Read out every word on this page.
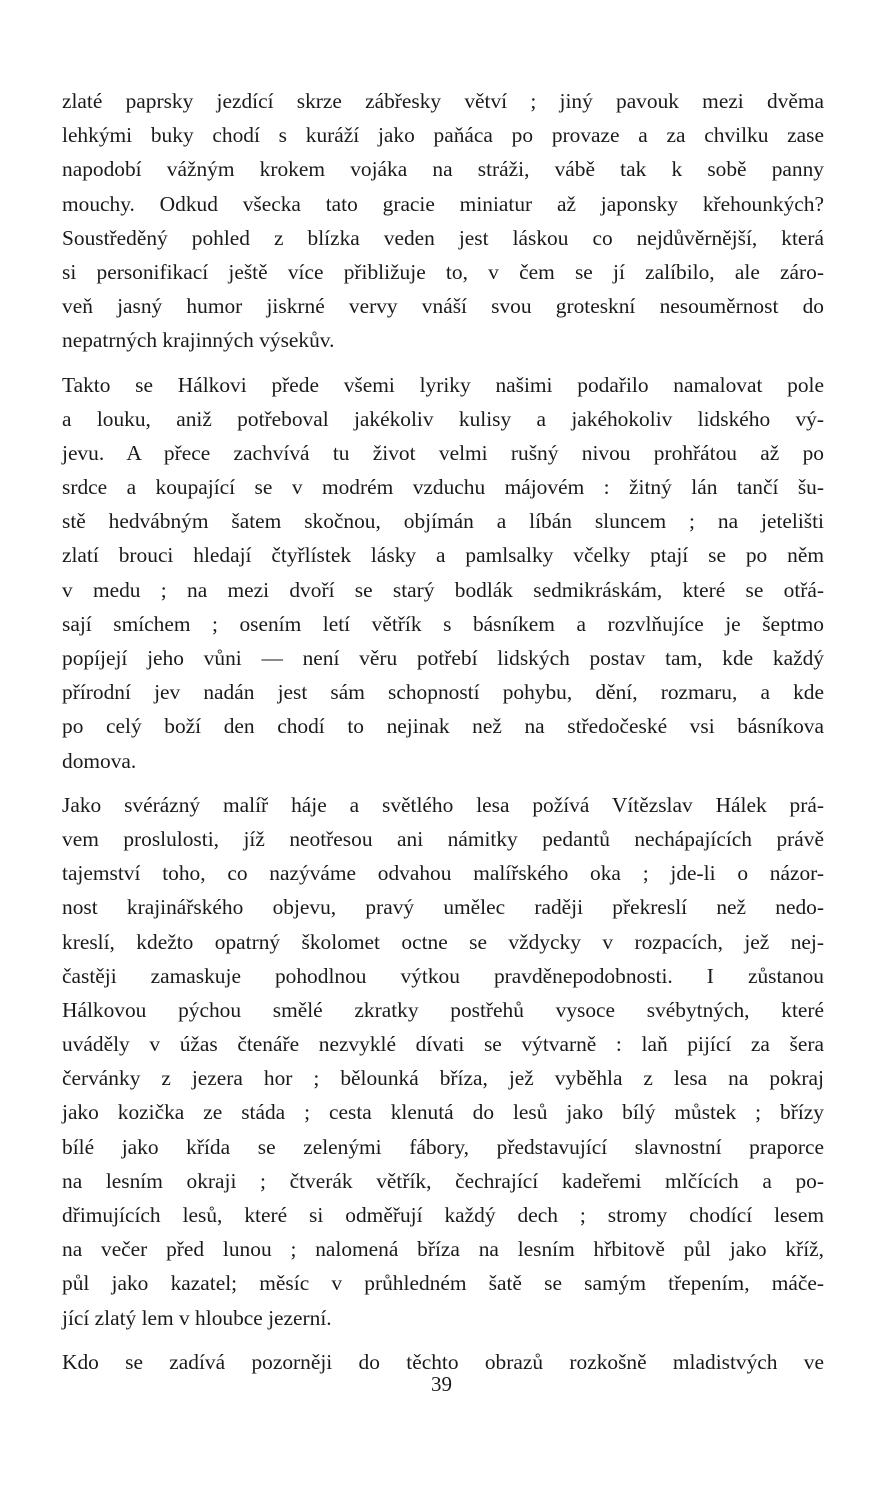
zlaté paprsky jezdící skrze zábřesky větví ; jiný pavouk mezi dvěma
lehkými buky chodí s kuráží jako paňáca po provaze a za chvilku zase
napodobí vážným krokem vojáka na stráži, vábě tak k sobě panny
mouchy. Odkud všecka tato gracie miniatur až japonsky křehounkých?
Soustředěný pohled z blízka veden jest láskou co nejdůvěrnější, která
si personifikací ještě více přibližuje to, v čem se jí zalíbilo, ale záro-
veň jasný humor jiskrné vervy vnáší svou groteskní nesouměrnost do
nepatrných krajinných výsekův.
Takto se Hálkovi přede všemi lyriky našimi podařilo namalovat pole
a louku, aniž potřeboval jakékoliv kulisy a jakéhokoliv lidského vý-
jevu. A přece zachvívá tu život velmi rušný nivou prohřátou až po
srdce a koupající se v modrém vzduchu májovém : žitný lán tančí šu-
stě hedvábným šatem skočnou, objímán a líbán sluncem ; na jetelišti
zlatí brouci hledají čtyřlístek lásky a pamlsalky včelky ptají se po něm
v medu ; na mezi dvoří se starý bodlák sedmikráskám, které se otřá-
sají smíchem ; osením letí větřík s básníkem a rozvlňujíce je šeptmo
popíjejí jeho vůni — není věru potřebí lidských postav tam, kde každý
přírodní jev nadán jest sám schopností pohybu, dění, rozmaru, a kde
po celý boží den chodí to nejinak než na středočeské vsi básníkova
domova.
Jako svérázný malíř háje a světlého lesa požívá Vítězslav Hálek prá-
vem proslulosti, jíž neotřesou ani námitky pedantů nechápajících právě
tajemství toho, co nazýváme odvahou malířského oka ; jde-li o názor-
nost krajinářského objevu, pravý umělec raději překreslí než nedo-
kreslí, kdežto opatrný školomet octne se vždycky v rozpacích, jež nej-
častěji zamaskuje pohodlnou výtkou pravděnepodobnosti. I zůstanou
Hálkovou pýchou smělé zkratky postřehů vysoce svébytných, které
uváděly v úžas čtenáře nezvyklé dívati se výtvarně : laň pijící za šera
červánky z jezera hor ; bělounká bříza, jež vyběhla z lesa na pokraj
jako kozička ze stáda ; cesta klenutá do lesů jako bílý můstek ; břízy
bílé jako křída se zelenými fábory, představující slavnostní praporce
na lesním okraji ; čtverák větřík, čechrající kadeřemi mlčících a po-
dřimujících lesů, které si odměřují každý dech ; stromy chodící lesem
na večer před lunou ; nalomená bříza na lesním hřbitově půl jako kříž,
půl jako kazatel; měsíc v průhledném šatě se samým třepením, máče-
jící zlatý lem v hloubce jezerní.
Kdo se zadívá pozorněji do těchto obrazů rozkošně mladistvých ve
39
